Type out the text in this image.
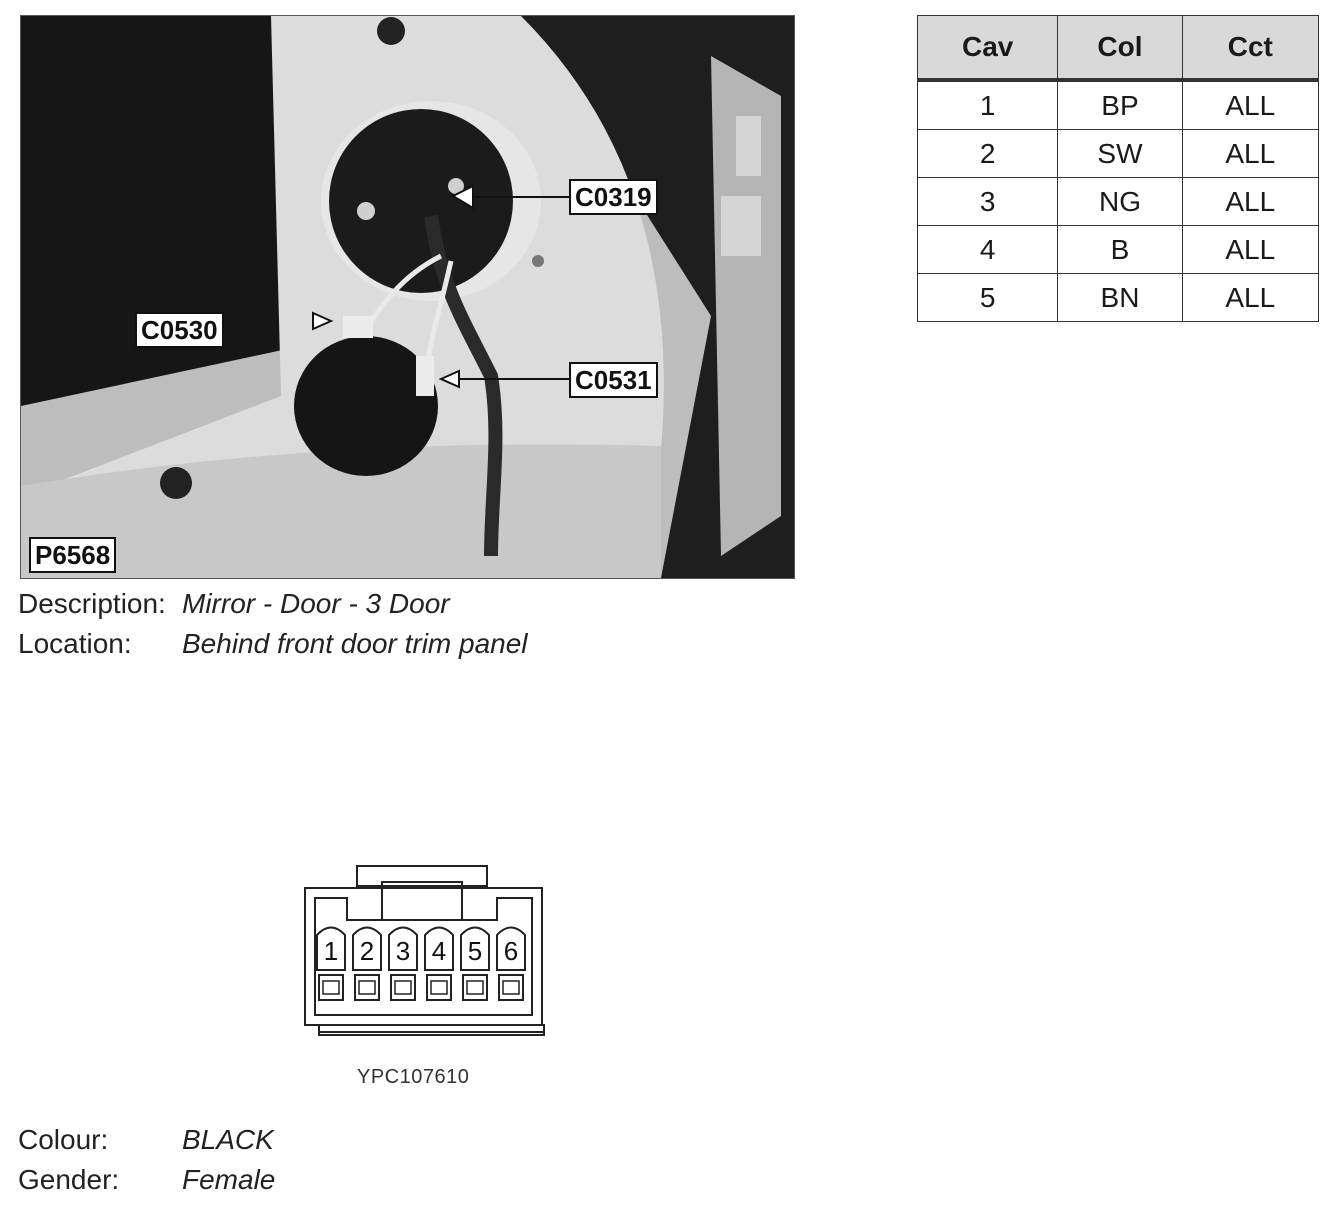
C0319
C0530
C0531
P6568
Cav	Col	Cct
1	BP	ALL
2	SW	ALL
3	NG	ALL
4	B	ALL
5	BN	ALL
Description: Mirror - Door - 3 Door
Location: Behind front door trim panel
1 2 3 4 5 6
YPC107610
Colour:	BLACK
Gender: Female
